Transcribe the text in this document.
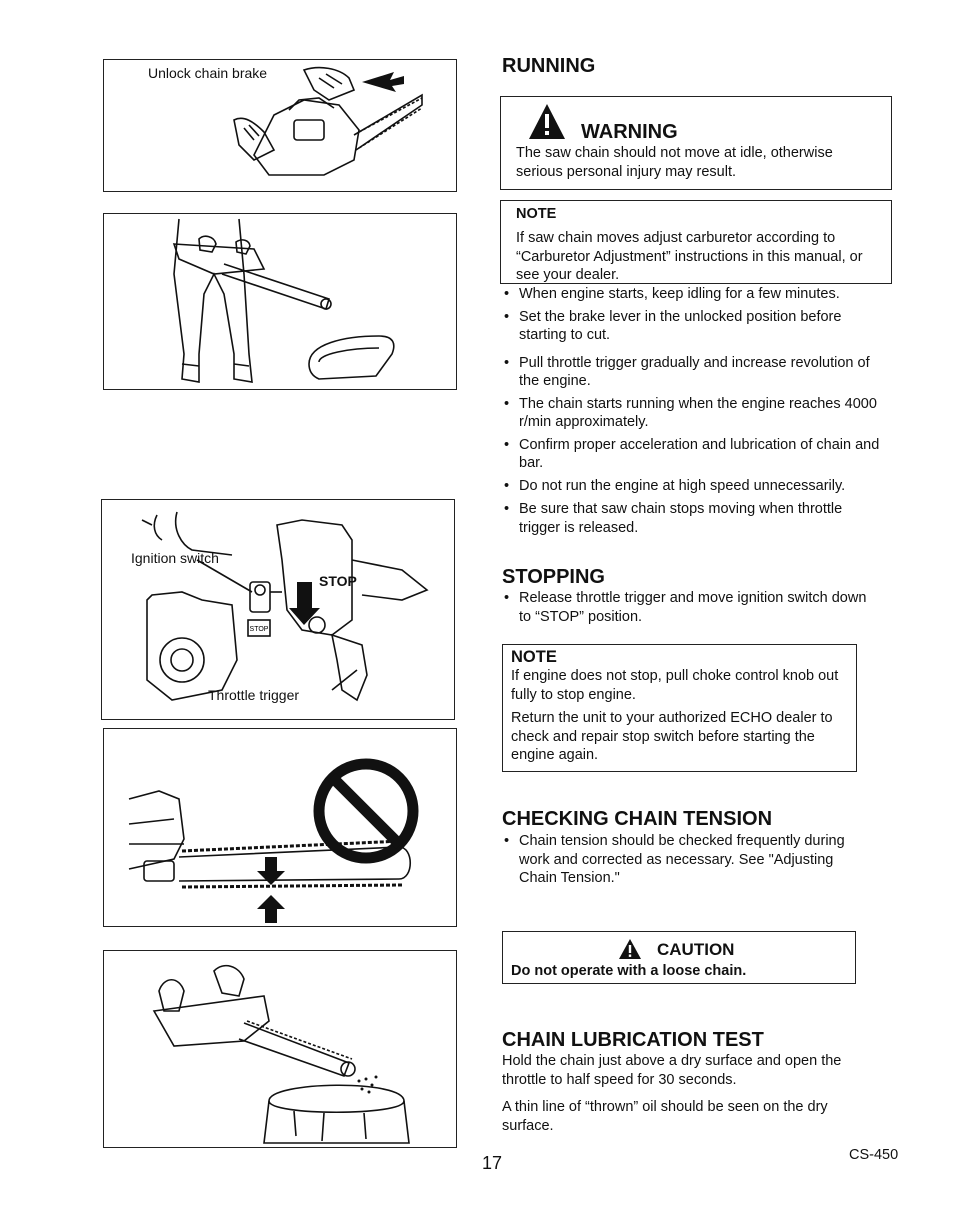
Unlock chain brake
STOP
Ignition switch
STOP
Throttle trigger
RUNNING
WARNING
The saw chain should not move at idle, otherwise serious personal injury may result.
NOTE
If saw chain moves adjust carburetor according to “Carburetor Adjustment” instructions in this manual, or see your dealer.
• When engine starts, keep idling for a few minutes.
• Set the brake lever in the unlocked position before starting to cut.
• Pull throttle trigger gradually and increase revolution of the engine.
• The chain starts running when the engine reaches 4000 r/min approximately.
• Confirm proper acceleration and lubrication of chain and bar.
• Do not run the engine at high speed unnecessarily.
• Be sure that saw chain stops moving when throttle trigger is released.
STOPPING
• Release throttle trigger and move ignition switch down to “STOP” position.
NOTE
If engine does not stop, pull choke control knob out fully to stop engine.
Return the unit to your authorized ECHO dealer to check and repair stop switch before starting the engine again.
CHECKING CHAIN TENSION
• Chain tension should be checked frequently during work and corrected as necessary. See "Adjusting Chain Tension."
CAUTION
Do not operate with a loose chain.
CHAIN LUBRICATION TEST
Hold the chain just above a dry surface and open the throttle to half speed for 30 seconds.
A thin line of “thrown” oil should be seen on the dry surface.
17	CS-450
